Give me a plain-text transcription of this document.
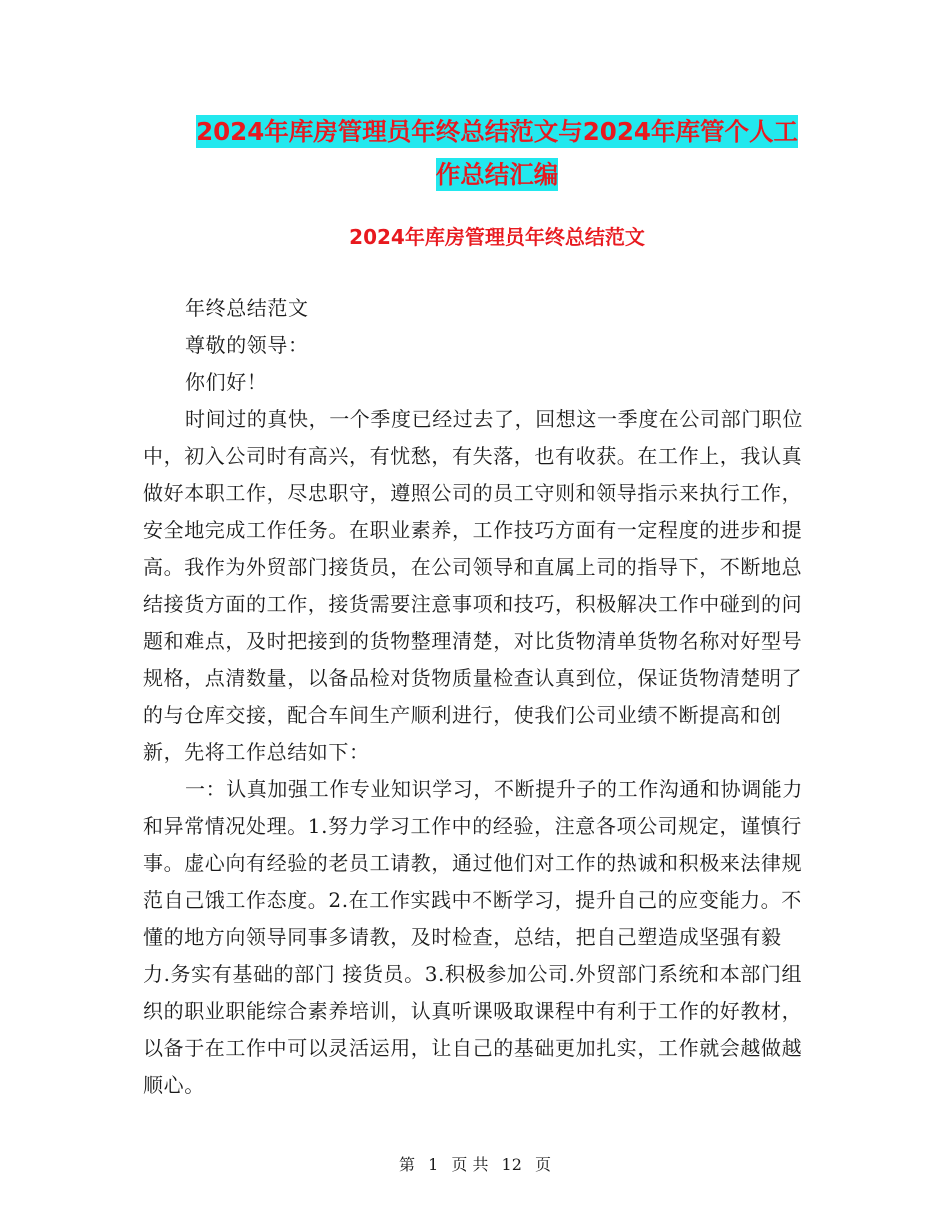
2024年库房管理员年终总结范文与2024年库管个人工
作总结汇编
2024年库房管理员年终总结范文

年终总结范文

尊敬的领导：

你们好！

时间过的真快，一个季度已经过去了，回想这一季度在公司部门职位中，初入公司时有高兴，有忧愁，有失落，也有收获。在工作上，我认真做好本职工作，尽忠职守，遵照公司的员工守则和领导指示来执行工作，安全地完成工作任务。在职业素养，工作技巧方面有一定程度的进步和提高。我作为外贸部门接货员，在公司领导和直属上司的指导下，不断地总结接货方面的工作，接货需要注意事项和技巧，积极解决工作中碰到的问题和难点，及时把接到的货物整理清楚，对比货物清单货物名称对好型号规格，点清数量，以备品检对货物质量检查认真到位，保证货物清楚明了的与仓库交接，配合车间生产顺利进行，使我们公司业绩不断提高和创新，先将工作总结如下：

一：认真加强工作专业知识学习，不断提升子的工作沟通和协调能力和异常情况处理。1.努力学习工作中的经验，注意各项公司规定，谨慎行事。虚心向有经验的老员工请教，通过他们对工作的热诚和积极来法律规范自己饿工作态度。2.在工作实践中不断学习，提升自己的应变能力。不懂的地方向领导同事多请教，及时检查，总结，把自己塑造成坚强有毅力.务实有基础的部门 接货员。3.积极参加公司.外贸部门系统和本部门组织的职业职能综合素养培训，认真听课吸取课程中有利于工作的好教材，以备于在工作中可以灵活运用，让自己的基础更加扎实，工作就会越做越顺心。

第 1 页 共 12 页
